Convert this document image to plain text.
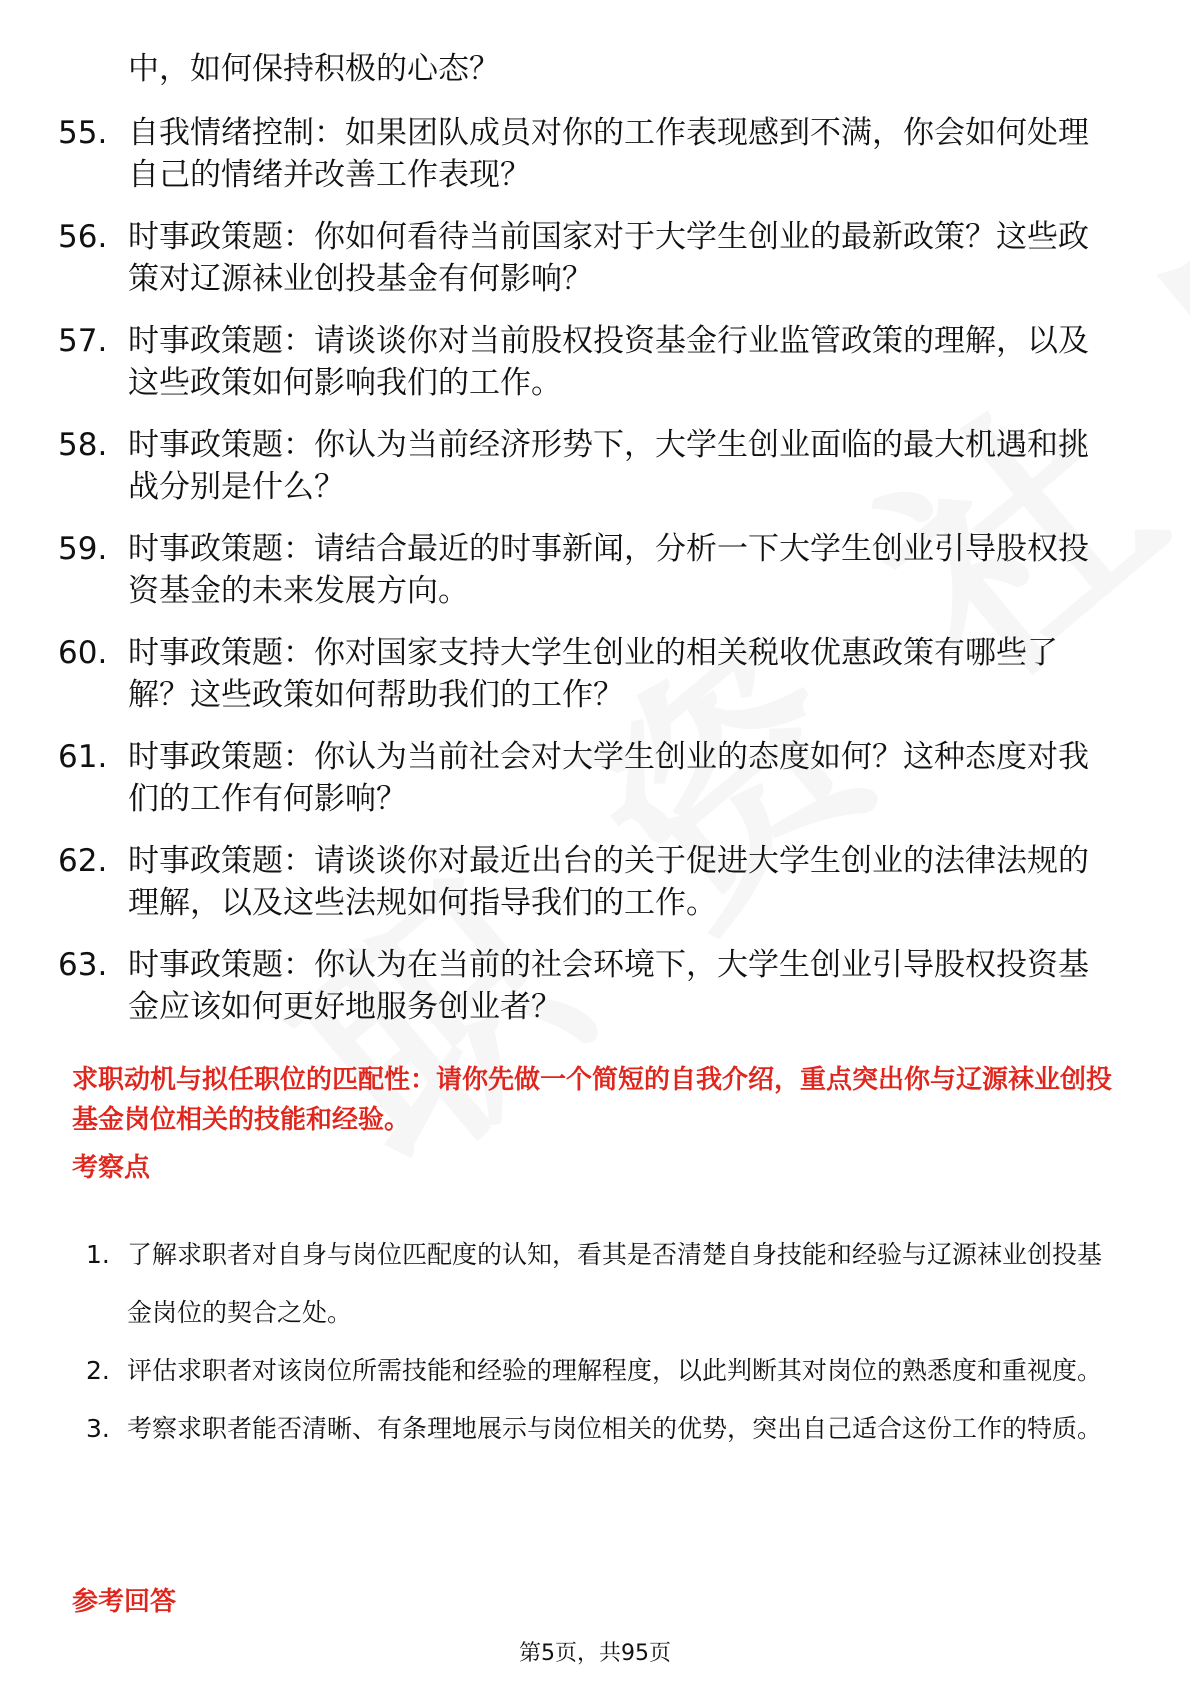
中，如何保持积极的心态？
55. 自我情绪控制：如果团队成员对你的工作表现感到不满，你会如何处理自己的情绪并改善工作表现？
56. 时事政策题：你如何看待当前国家对于大学生创业的最新政策？这些政策对辽源袜业创投基金有何影响？
57. 时事政策题：请谈谈你对当前股权投资基金行业监管政策的理解，以及这些政策如何影响我们的工作。
58. 时事政策题：你认为当前经济形势下，大学生创业面临的最大机遇和挑战分别是什么？
59. 时事政策题：请结合最近的时事新闻，分析一下大学生创业引导股权投资基金的未来发展方向。
60. 时事政策题：你对国家支持大学生创业的相关税收优惠政策有哪些了解？这些政策如何帮助我们的工作？
61. 时事政策题：你认为当前社会对大学生创业的态度如何？这种态度对我们的工作有何影响？
62. 时事政策题：请谈谈你对最近出台的关于促进大学生创业的法律法规的理解，以及这些法规如何指导我们的工作。
63. 时事政策题：你认为在当前的社会环境下，大学生创业引导股权投资基金应该如何更好地服务创业者？
求职动机与拟任职位的匹配性：请你先做一个简短的自我介绍，重点突出你与辽源袜业创投基金岗位相关的技能和经验。
考察点
1. 了解求职者对自身与岗位匹配度的认知，看其是否清楚自身技能和经验与辽源袜业创投基金岗位的契合之处。
2. 评估求职者对该岗位所需技能和经验的理解程度，以此判断其对岗位的熟悉度和重视度。
3. 考察求职者能否清晰、有条理地展示与岗位相关的优势，突出自己适合这份工作的特质。
参考回答
第5页，共95页
